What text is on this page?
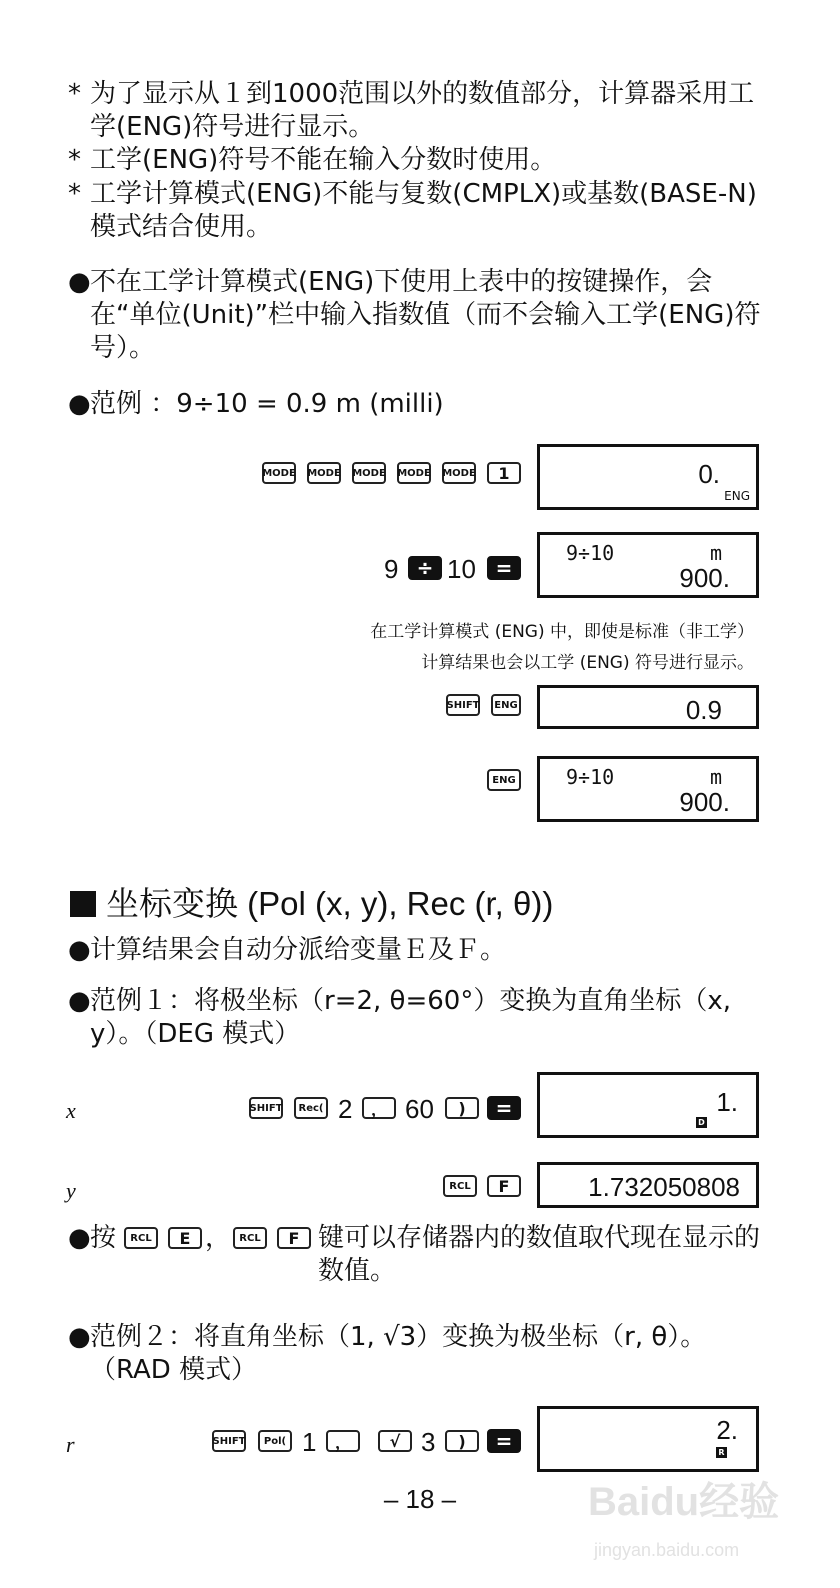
* 为了显示从１到1000范围以外的数值部分，计算器采用工学(ENG)符号进行显示。
* 工学(ENG)符号不能在输入分数时使用。
* 工学计算模式(ENG)不能与复数(CMPLX)或基数(BASE-N)模式结合使用。
● 不在工学计算模式(ENG)下使用上表中的按键操作，会在“单位(Unit)”栏中输入指数值（而不会输入工学(ENG)符号）。
● 范例 ：9÷10 = 0.9 m (milli)
MODE MODE MODE MODE MODE	1	0.
ENG
9 ÷ 10 =
9÷10	m
900.
在工学计算模式 (ENG) 中，即使是标准（非工学）
计算结果也会以工学 (ENG) 符号进行显示。
SHIFT ENG	0.9
ENG	9÷10	m
900.
坐标变换 (Pol (x, y), Rec (r, θ))
● 计算结果会自动分派给变量Ｅ及Ｆ。
● 范例１：将极坐标（r=2, θ=60°）变换为直角坐标（x, y）。（DEG 模式）
x	SHIFT	Rec( 2	， 60	)	=	1.
D
y	RCL	F	1.732050808
● 按	RCL	E ， RCL	F 键可以存储器内的数值取代现在显示的数值。
● 范例２：将直角坐标（1, √3）变换为极坐标（r, θ）。（RAD 模式）
r	SHIFT	Pol( 1	，	√ 3	)	=	2.
R
– 18 –	Baidu经验
jingyan.baidu.com
